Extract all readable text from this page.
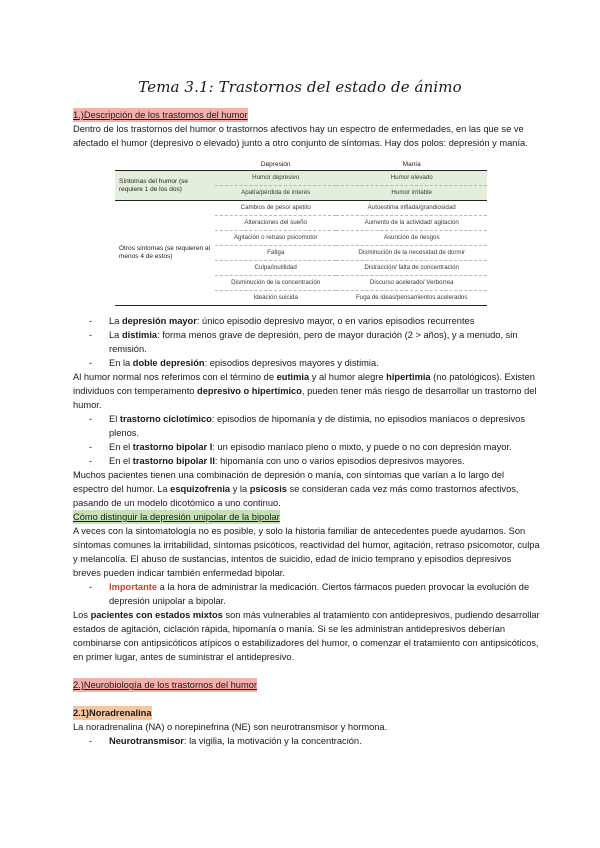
Tema 3.1: Trastornos del estado de ánimo

1.)Descripción de los trastornos del humor

Dentro de los trastornos del humor o trastornos afectivos hay un espectro de enfermedades, en las que se ve afectado el humor (depresivo o elevado) junto a otro conjunto de síntomas. Hay dos polos: depresión y manía.

	Depresión	Manía
Síntomas del humor (se requiere 1 de los dos)	Humor depresivo	Humor elevado
	Apatía/pérdida de interés	Humor irritable
Otros síntomas (se requieren al menos 4 de estos)	Cambios de peso/ apetito	Autoestima inflada/grandiosidad
	Alteraciones del sueño	Aumento de la actividad/ agitación
	Agitación o retraso psicomotor	Asunción de riesgos
	Fatiga	Disminución de la necesidad de dormir
	Culpa/inutilidad	Distracción/ falta de concentración
	Disminución de la concentración	Discurso acelerado/ Verborrea
	Ideación suicida	Fuga de ideas/pensamientos acelerados
- La depresión mayor: único episodio depresivo mayor, o en varios episodios recurrentes
- La distimia: forma menos grave de depresión, pero de mayor duración (2 > años), y a menudo, sin remisión.
- En la doble depresión: episodios depresivos mayores y distimia.

Al humor normal nos referimos con el término de eutimia y al humor alegre hipertimia (no patológicos). Existen individuos con temperamento depresivo o hipertímico, pueden tener más riesgo de desarrollar un trastorno del humor.

- El trastorno ciclotímico: episodios de hipomanía y de distimia, no episodios maníacos o depresivos plenos.
- En el trastorno bipolar I: un episodio maníaco pleno o mixto, y puede o no con depresión mayor.
- En el trastorno bipolar II: hipomanía con uno o varios episodios depresivos mayores.

Muchos pacientes tienen una combinación de depresión o manía, con síntomas que varían a lo largo del espectro del humor. La esquizofrenia y la psicosis se consideran cada vez más como trastornos afectivos, pasando de un modelo dicotómico a uno continuo.

Cómo distinguir la depresión unipolar de la bipolar

A veces con la sintomatología no es posible, y solo la historia familiar de antecedentes puede ayudarnos. Son síntomas comunes la irritabilidad, síntomas psicóticos, reactividad del humor, agitación, retraso psicomotor, culpa y melancolía. El abuso de sustancias, intentos de suicidio, edad de inicio temprano y episodios depresivos breves pueden indicar también enfermedad bipolar.

- Importante a la hora de administrar la medicación. Ciertos fármacos pueden provocar la evolución de depresión unipolar a bipolar.

Los pacientes con estados mixtos son más vulnerables al tratamiento con antidepresivos, pudiendo desarrollar estados de agitación, ciclación rápida, hipomanía o manía. Si se les administran antidepresivos deberían combinarse con antipsicóticos atípicos o estabilizadores del humor, o comenzar el tratamiento con antipsicóticos, en primer lugar, antes de suministrar el antidepresivo.

2.)Neurobiología de los trastornos del humor

2.1)Noradrenalina

La noradrenalina (NA) o norepinefrina (NE) son neurotransmisor y hormona.

- Neurotransmisor: la vigilia, la motivación y la concentración.
